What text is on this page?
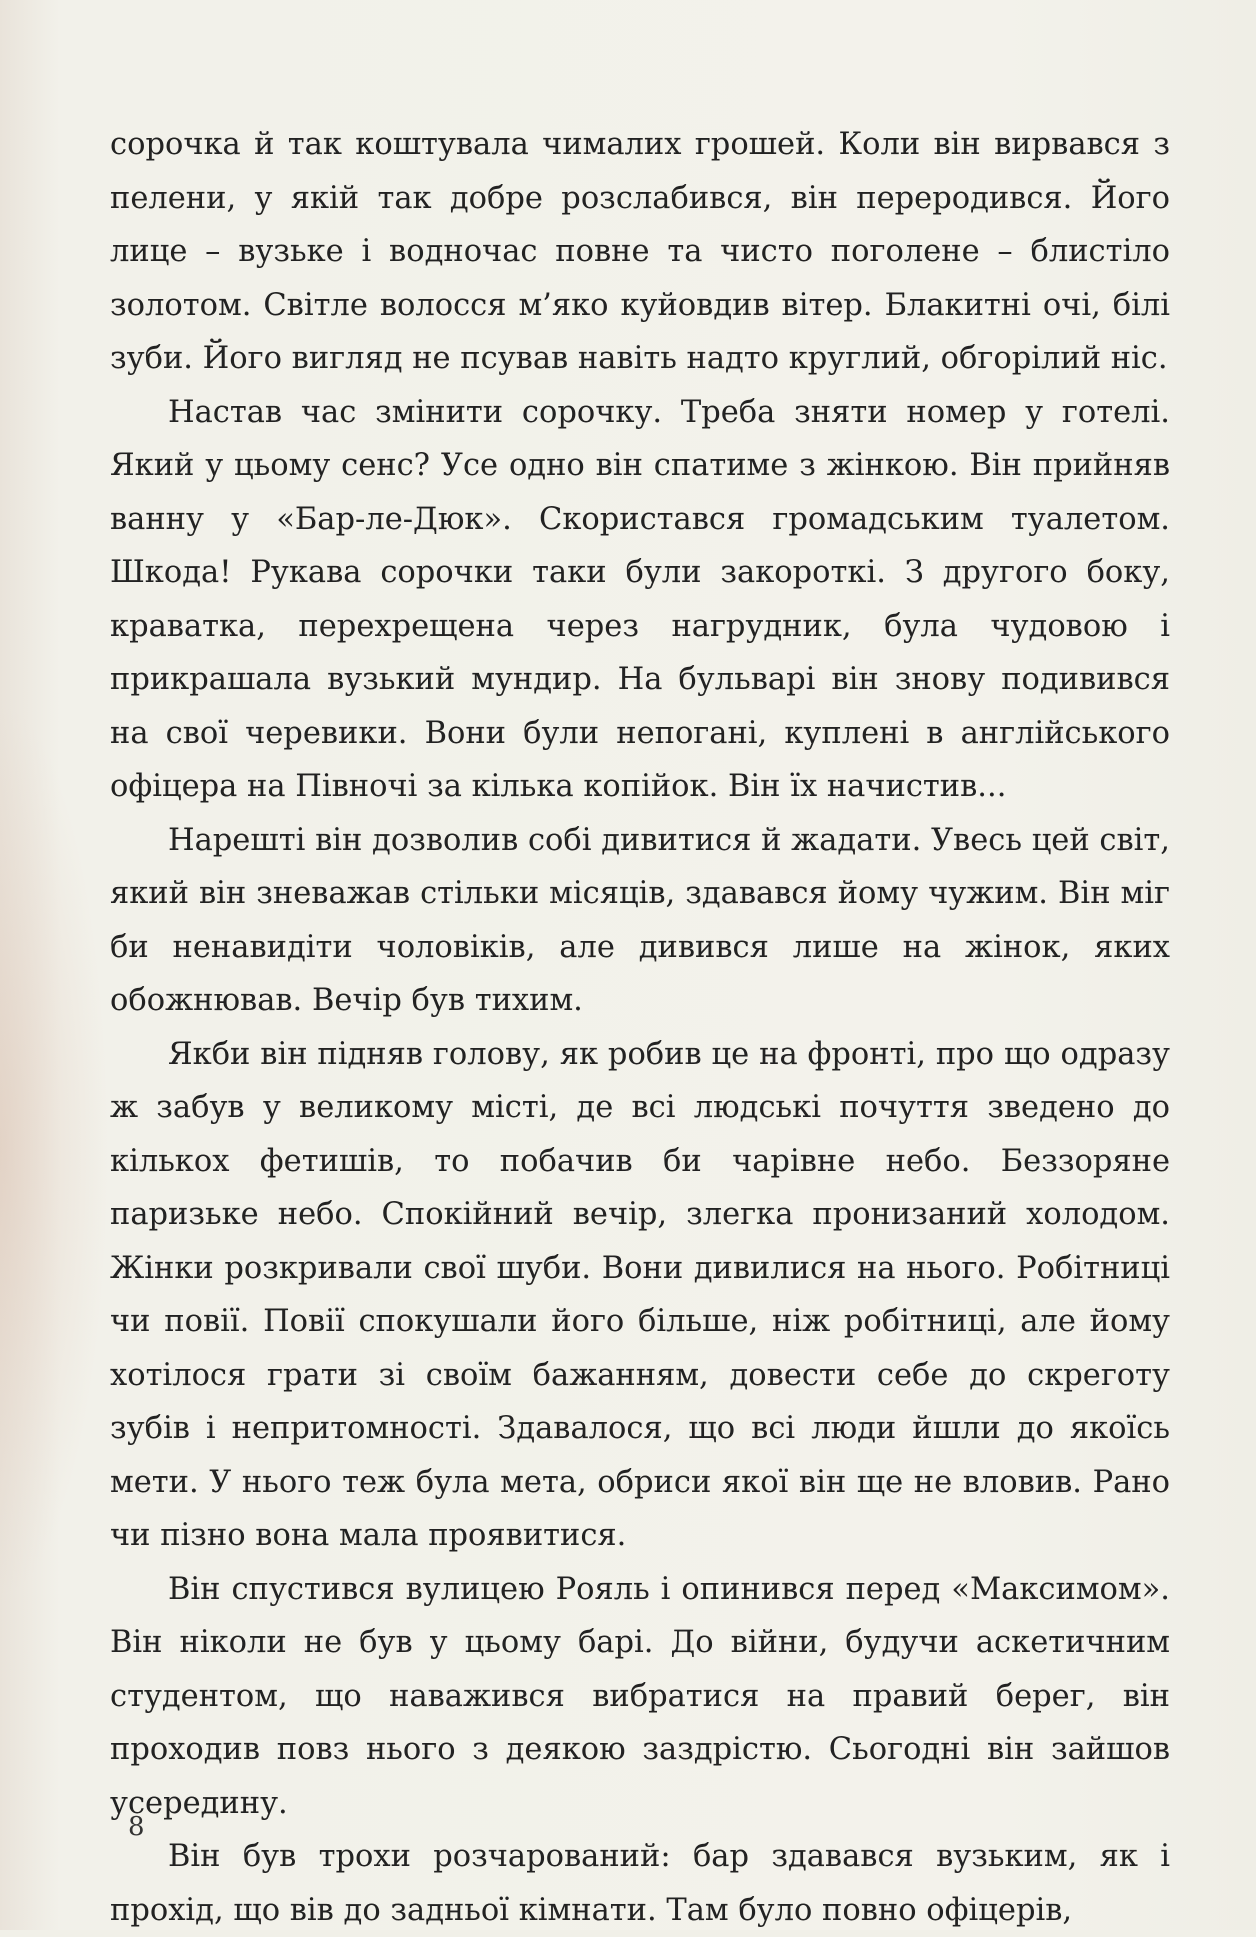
сорочка й так коштувала чималих грошей. Коли він вирвався з пелени, у якій так добре розслабився, він переродився. Його лице – вузьке і водночас повне та чисто поголене – блистіло золотом. Світле волосся м’яко куйовдив вітер. Блакитні очі, білі зуби. Його вигляд не псував навіть надто круглий, обгорілий ніс.

Настав час змінити сорочку. Треба зняти номер у готелі. Який у цьому сенс? Усе одно він спатиме з жінкою. Він прийняв ванну у «Бар-ле-Дюк». Скористався громадським туалетом. Шкода! Рукава сорочки таки були закороткі. З другого боку, краватка, перехрещена через нагрудник, була чудовою і прикрашала вузький мундир. На бульварі він знову подивився на свої черевики. Вони були непогані, куплені в англійського офіцера на Півночі за кілька копійок. Він їх начистив...

Нарешті він дозволив собі дивитися й жадати. Увесь цей світ, який він зневажав стільки місяців, здавався йому чужим. Він міг би ненавидіти чоловіків, але дивився лише на жінок, яких обожнював. Вечір був тихим.

Якби він підняв голову, як робив це на фронті, про що одразу ж забув у великому місті, де всі людські почуття зведено до кількох фетишів, то побачив би чарівне небо. Беззоряне паризьке небо. Спокійний вечір, злегка пронизаний холодом. Жінки розкривали свої шуби. Вони дивилися на нього. Робітниці чи повії. Повії спокушали його більше, ніж робітниці, але йому хотілося грати зі своїм бажанням, довести себе до скреготу зубів і непритомності. Здавалося, що всі люди йшли до якоїсь мети. У нього теж була мета, обриси якої він ще не вловив. Рано чи пізно вона мала проявитися.

Він спустився вулицею Рояль і опинився перед «Максимом». Він ніколи не був у цьому барі. До війни, будучи аскетичним студентом, що наважився вибратися на правий берег, він проходив повз нього з деякою заздрістю. Сьогодні він зайшов усередину.

Він був трохи розчарований: бар здавався вузьким, як і прохід, що вів до задньої кімнати. Там було повно офіцерів,

8
